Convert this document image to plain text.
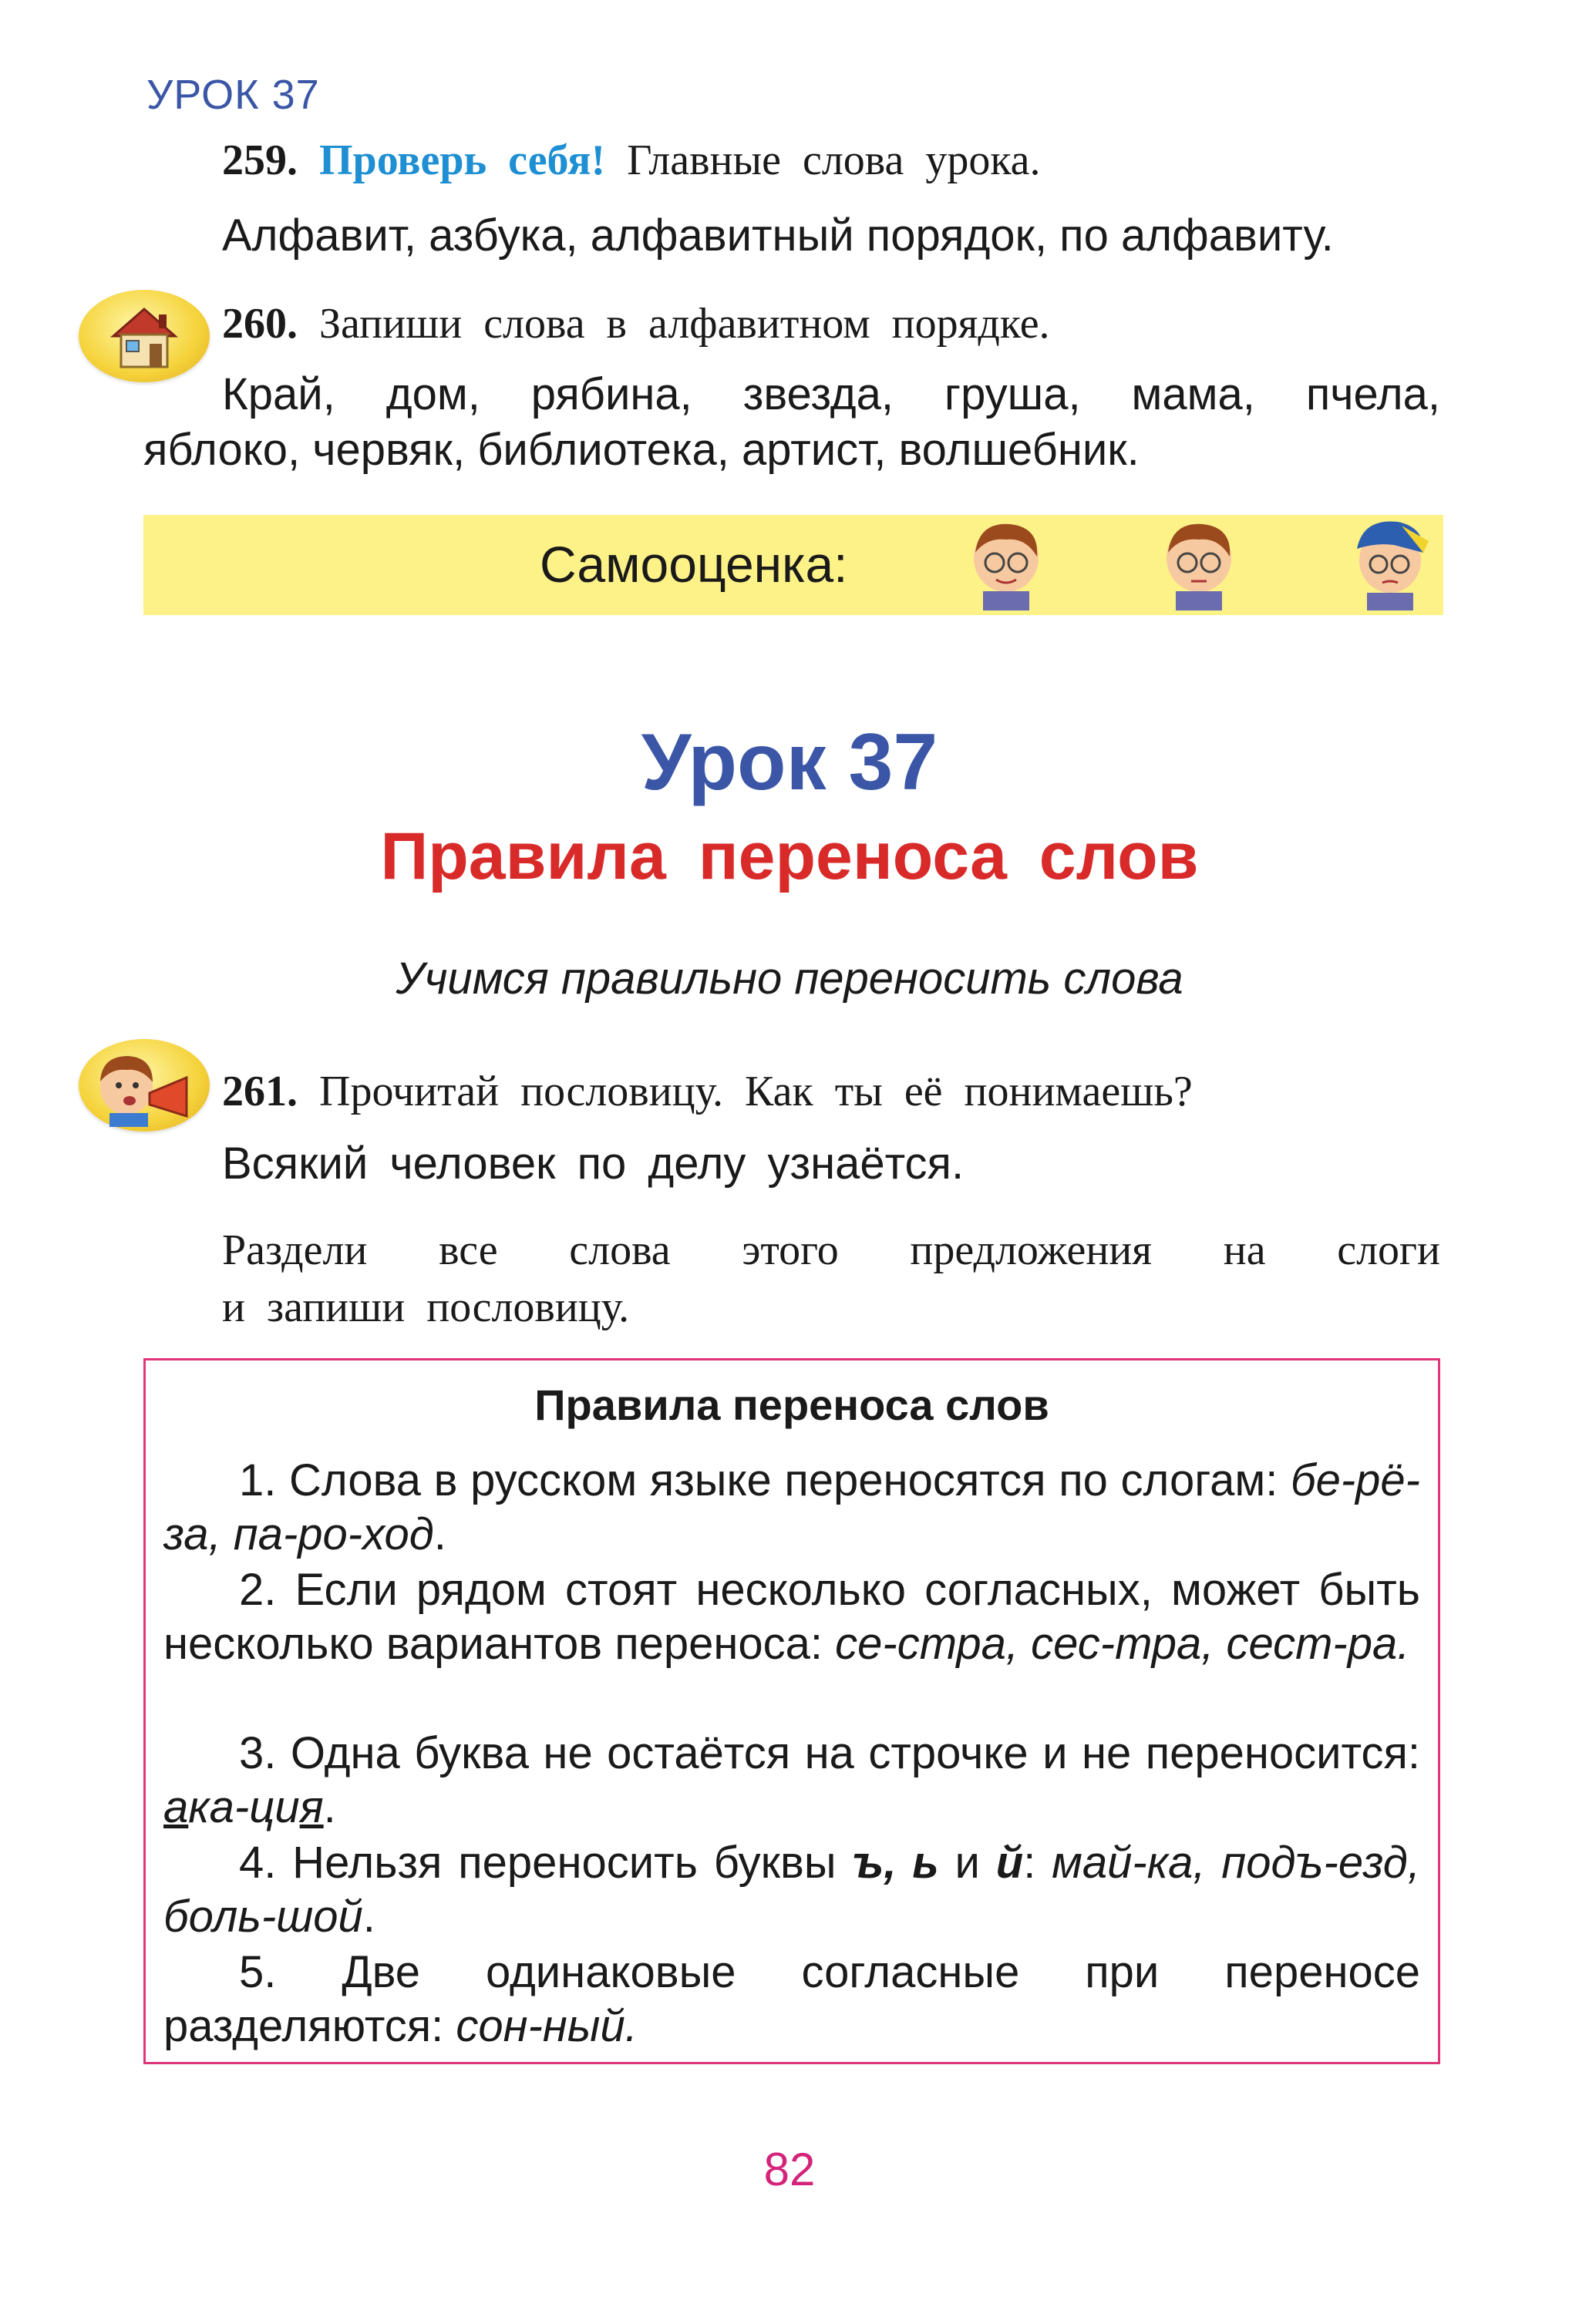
УРОК 37
259. Проверь себя! Главные слова урока.
Алфавит, азбука, алфавитный порядок, по алфавиту.
260. Запиши слова в алфавитном порядке.
Край, дом, рябина, звезда, груша, мама, пчела,
яблоко, червяк, библиотека, артист, волшебник.
Самооценка:
Урок 37
Правила переноса слов
Учимся правильно переносить слова
261. Прочитай пословицу. Как ты её понимаешь?
Всякий человек по делу узнаётся.
Раздели все слова этого предложения на слоги
и запиши пословицу.
Правила переноса слов
1. Слова в русском языке переносятся по слогам: бе-рё-за, па-ро-ход.
2. Если рядом стоят несколько согласных, может быть несколько вариантов переноса: се-стра, сес-тра, сест-ра.
3. Одна буква не остаётся на строчке и не переносится: ака-ция.
4. Нельзя переносить буквы ъ, ь и й: май-ка, подъ-езд, боль-шой.
5. Две одинаковые согласные при переносе разделяются: сон-ный.
82
